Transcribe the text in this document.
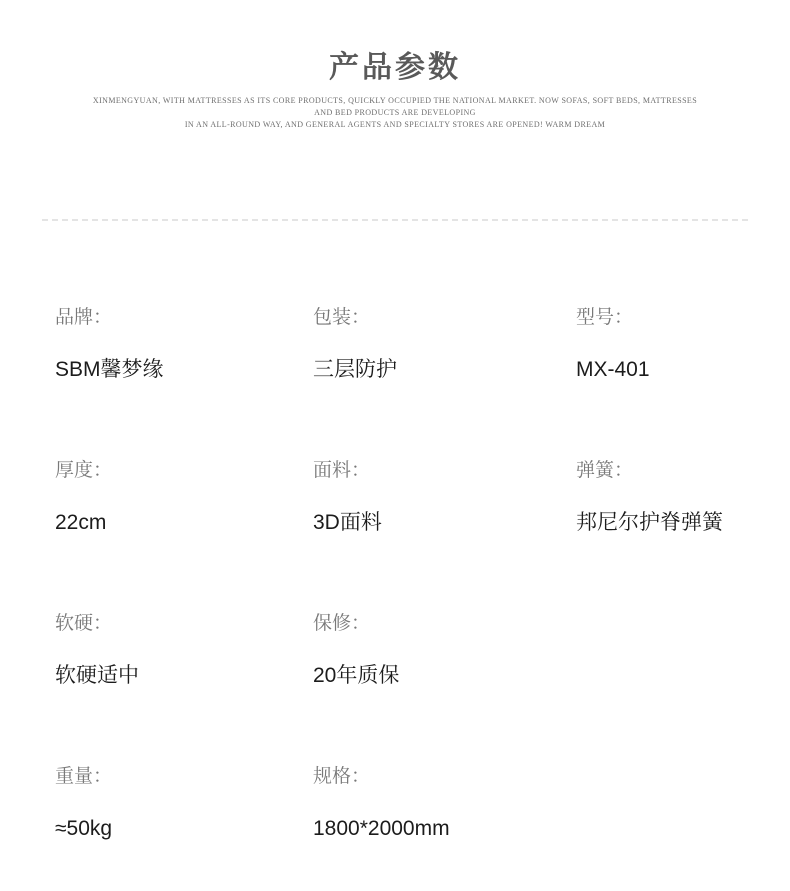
产品参数
XINMENGYUAN, WITH MATTRESSES AS ITS CORE PRODUCTS, QUICKLY OCCUPIED THE NATIONAL MARKET. NOW SOFAS, SOFT BEDS, MATTRESSES
AND BED PRODUCTS ARE DEVELOPING
IN AN ALL-ROUND WAY, AND GENERAL AGENTS AND SPECIALTY STORES ARE OPENED! WARM DREAM
品牌：
SBM馨梦缘
包装：
三层防护
型号：
MX-401
厚度：
22cm
面料：
3D面料
弹簧：
邦尼尔护脊弹簧
软硬：
软硬适中
保修：
20年质保
重量：
≈50kg
规格：
1800*2000mm
